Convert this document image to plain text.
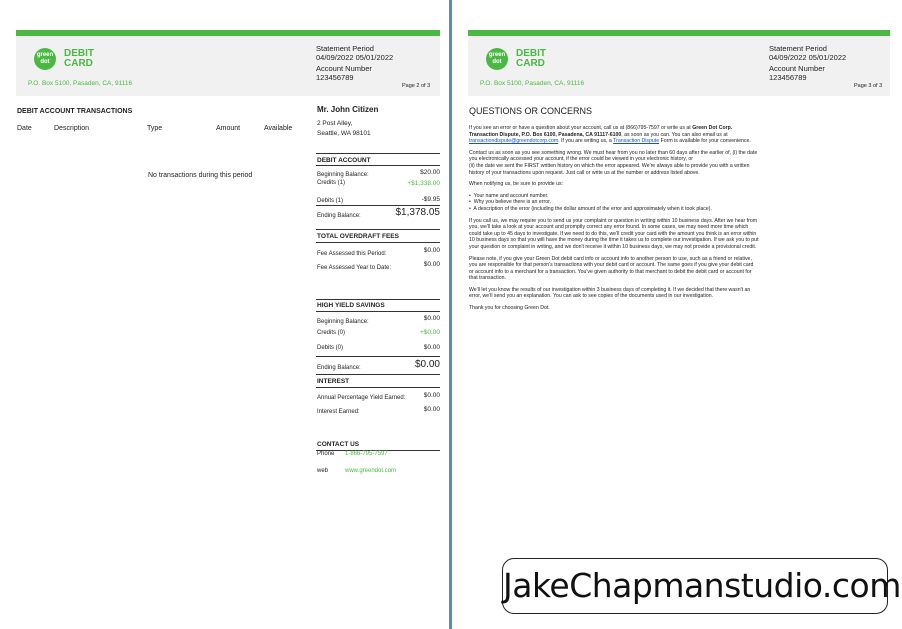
green dot
DEBIT
CARD
P.O. Box 5100, Pasaden, CA, 91116
Statement Period
04/09/2022 05/01/2022
Account Number
123456789
Page 2 of 3
DEBIT ACCOUNT TRANSACTIONS
Date	Description	Type	Amount	Available
No transactions during this period
Mr. John Citizen
2 Post Alley,
Seattle, WA 98101
DEBIT ACCOUNT
Beginning Balance:	$20.00
Credits (1)	+$1,338.00
Debits (1)	-$9.95
Ending Balance:	$1,378.05
TOTAL OVERDRAFT FEES
Fee Assessed this Period:	$0.00
Fee Assessed Year to Date:	$0.00
HIGH YIELD SAVINGS
Beginning Balance:	$0.00
Credits (0)	+$0.00
Debits (0)	$0.00
Ending Balance:	$0.00
INTEREST
Annual Percentage Yield Earned:	$0.00
Interest Earned:	$0.00
CONTACT US
Phone 1-866-795-7597
web	www.greendot.com
green dot
DEBIT
CARD
P.O. Box 5100, Pasaden, CA, 91116
Statement Period
04/09/2022 05/01/2022
Account Number
123456789
Page 3 of 3
QUESTIONS OR CONCERNS

If you see an error or have a question about your account, call us at (866)795-7597 or write us at Green Dot Corp. Transaction Dispute, P.O. Box 6100, Pasadena, CA 91117-6100, as soon as you can. You can also email us at transactiondispute@greendotcorp.com. If you are writing us, a Transaction Dispute Form is available for your convenience.

Contact us as soon as you see something wrong. We must hear from you no later than 60 days after the earlier of, (i) the date you electronically accessed your account, if the error could be viewed in your electronic history, or

(ii) the date we sent the FIRST written history on which the error appeared. We're always able to provide you with a written history of your transactions upon request. Just call or write us at the number or address listed above.

When notifying us, be sure to provide us:

•  Your name and account number.
•  Why you believe there is an error.
•  A description of the error (including the dollar amount of the error and approximately when it took place).

If you call us, we may require you to send us your complaint or question in writing within 10 business days. After we hear from you, we'll take a look at your account and promptly correct any error found. In some cases, we may need more time which could take up to 45 days to investigate. If we need to do this, we'll credit your card with the amount you think is an error within 10 business days so that you will have the money during the time it takes us to complete our investigation. If we ask you to put your question or complaint in writing, and we don't receive it within 10 business days, we may not provide a provisional credit.

Please note, if you give your Green Dot debit card info or account info to another person to use, such as a friend or relative, you are responsible for that person's transactions with your debit card or account. The same goes if you give your debit card or account info to a merchant for a transaction. You've given authority to that merchant to debit the debit card or account for that transaction.

We'll let you know the results of our investigation within 3 business days of completing it. If we decided that there wasn't an error, we'll send you an explanation. You can ask to see copies of the documents used in our investigation.

Thank you for choosing Green Dot.

JakeChapmanstudio.com
